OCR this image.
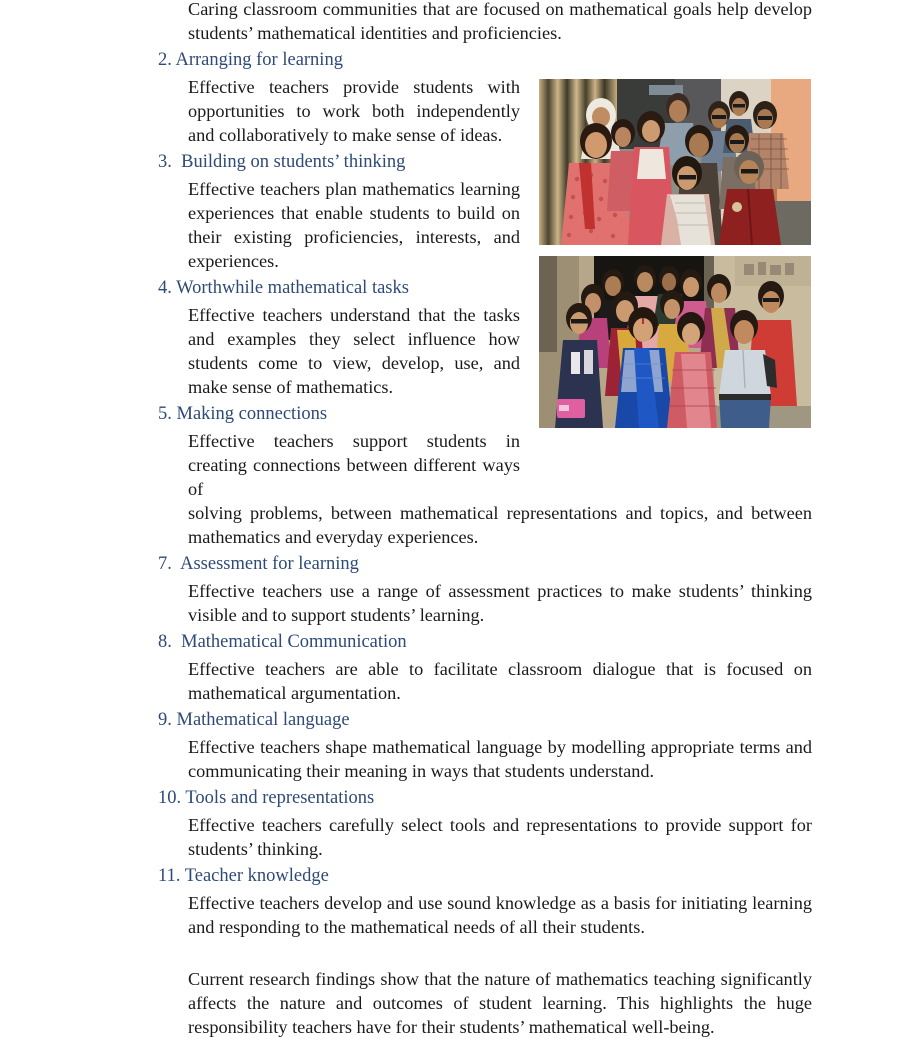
Caring classroom communities that are focused on mathematical goals help develop students’ mathematical identities and proficiencies.

2. Arranging for learning

Effective teachers provide students with opportunities to work both independently and collaboratively to make sense of ideas.

3. Building on students’ thinking

Effective teachers plan mathematics learning experiences that enable students to build on their existing proficiencies, interests, and experiences.

4. Worthwhile mathematical tasks

Effective teachers understand that the tasks and examples they select influence how students come to view, develop, use, and make sense of mathematics.

5. Making connections

Effective teachers support students in creating connections between different ways of

solving problems, between mathematical representations and topics, and between mathematics and everyday experiences.

7. Assessment for learning

Effective teachers use a range of assessment practices to make students’ thinking visible and to support students’ learning.

8. Mathematical Communication

Effective teachers are able to facilitate classroom dialogue that is focused on mathematical argumentation.

9. Mathematical language

Effective teachers shape mathematical language by modelling appropriate terms and communicating their meaning in ways that students understand.

10. Tools and representations

Effective teachers carefully select tools and representations to provide support for students’ thinking.

11. Teacher knowledge

Effective teachers develop and use sound knowledge as a basis for initiating learning and responding to the mathematical needs of all their students.

Current research findings show that the nature of mathematics teaching significantly affects the nature and outcomes of student learning. This highlights the huge responsibility teachers have for their students’ mathematical well-being.
